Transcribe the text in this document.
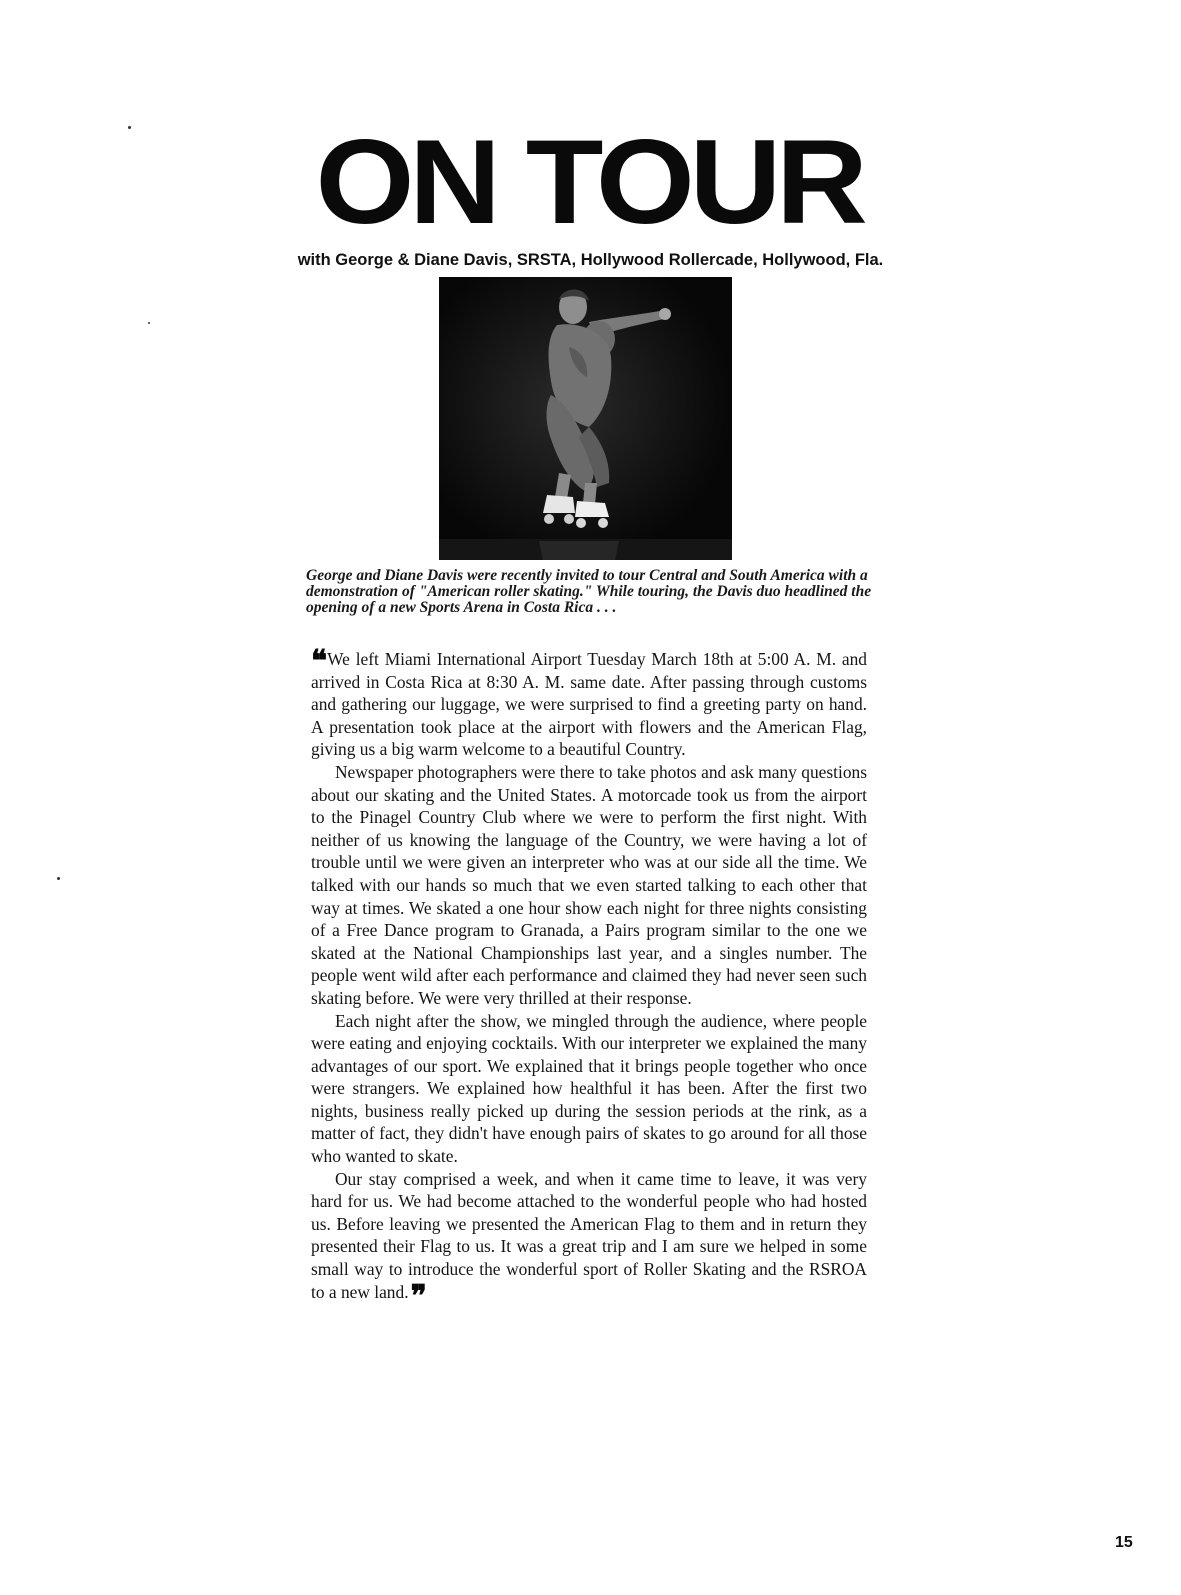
ON TOUR
with George & Diane Davis, SRSTA, Hollywood Rollercade, Hollywood, Fla.

George and Diane Davis were recently invited to tour Central and South America with a demonstration of "American roller skating." While touring, the Davis duo headlined the opening of a new Sports Arena in Costa Rica . . .

❝ We left Miami International Airport Tuesday March 18th at 5:00 A. M. and arrived in Costa Rica at 8:30 A. M. same date. After passing through customs and gathering our luggage, we were surprised to find a greeting party on hand. A presentation took place at the airport with flowers and the American Flag, giving us a big warm welcome to a beautiful Country.

Newspaper photographers were there to take photos and ask many questions about our skating and the United States. A motorcade took us from the airport to the Pinagel Country Club where we were to perform the first night. With neither of us knowing the language of the Country, we were having a lot of trouble until we were given an interpreter who was at our side all the time. We talked with our hands so much that we even started talking to each other that way at times. We skated a one hour show each night for three nights consisting of a Free Dance program to Granada, a Pairs program similar to the one we skated at the National Championships last year, and a singles number. The people went wild after each performance and claimed they had never seen such skating before. We were very thrilled at their response.

Each night after the show, we mingled through the audience, where people were eating and enjoying cocktails. With our interpreter we explained the many advantages of our sport. We explained that it brings people together who once were strangers. We explained how healthful it has been. After the first two nights, business really picked up during the session periods at the rink, as a matter of fact, they didn't have enough pairs of skates to go around for all those who wanted to skate.

Our stay comprised a week, and when it came time to leave, it was very hard for us. We had become attached to the wonderful people who had hosted us. Before leaving we presented the American Flag to them and in return they presented their Flag to us. It was a great trip and I am sure we helped in some small way to introduce the wonderful sport of Roller Skating and the RSROA to a new land.❞

15
